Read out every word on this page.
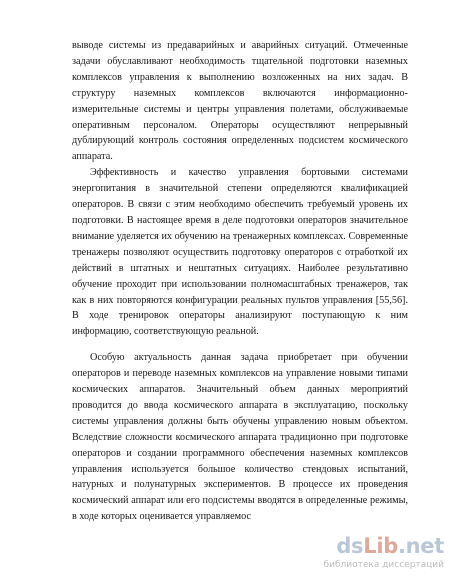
выводе системы из предаварийных и аварийных ситуаций. Отмеченные задачи обуславливают необходимость тщательной подготовки наземных комплексов управления к выполнению возложенных на них задач. В структуру наземных комплексов включаются информационно-измерительные системы и центры управления полетами, обслуживаемые оперативным персоналом. Операторы осуществляют непрерывный дублирующий контроль состояния определенных подсистем космического аппарата.

Эффективность и качество управления бортовыми системами энергопитания в значительной степени определяются квалификацией операторов. В связи с этим необходимо обеспечить требуемый уровень их подготовки. В настоящее время в деле подготовки операторов значительное внимание уделяется их обучению на тренажерных комплексах. Современные тренажеры позволяют осуществить подготовку операторов с отработкой их действий в штатных и нештатных ситуациях. Наиболее результативно обучение проходит при использовании полномасштабных тренажеров, так как в них повторяются конфигурации реальных пультов управления [55,56]. В ходе тренировок операторы анализируют поступающую к ним информацию, соответствующую реальной.

Особую актуальность данная задача приобретает при обучении операторов и переводе наземных комплексов на управление новыми типами космических аппаратов. Значительный объем данных мероприятий проводится до ввода космического аппарата в эксплуатацию, поскольку системы управления должны быть обучены управлению новым объектом. Вследствие сложности космического аппарата традиционно при подготовке операторов и создании программного обеспечения наземных комплексов управления используется большое количество стендовых испытаний, натурных и полунатурных экспериментов. В процессе их проведения космический аппарат или его подсистемы вводятся в определенные режимы, в ходе которых оценивается управляемос

dsLib.net
библиотека диссертаций
